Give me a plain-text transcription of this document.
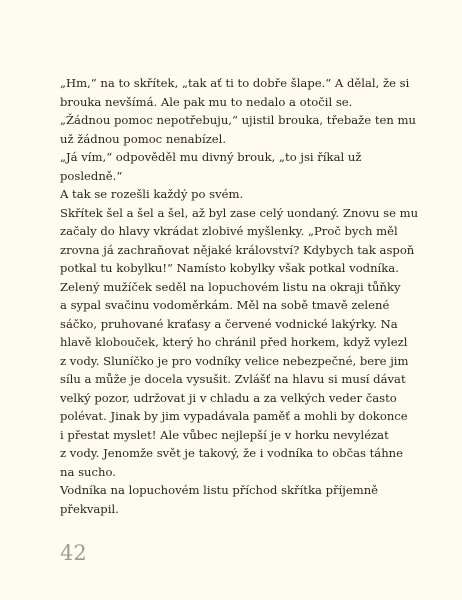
„Hm,“ na to skřítek, „tak ať ti to dobře šlape.“ A dělal, že si
brouka nevšímá. Ale pak mu to nedalo a otočil se.
„Žádnou pomoc nepotřebuju,“ ujistil brouka, třebaže ten mu
už žádnou pomoc nenabízel.
„Já vím,“ odpověděl mu divný brouk, „to jsi říkal už
posledně.“
A tak se rozešli každý po svém.
Skřítek šel a šel a šel, až byl zase celý uondaný. Znovu se mu
začaly do hlavy vkrádat zlobivé myšlenky. „Proč bych měl
zrovna já zachraňovat nějaké království? Kdybych tak aspoň
potkal tu kobylku!“ Namísto kobylky však potkal vodníka.
Zelený mužíček seděl na lopuchovém listu na okraji tůňky
a sypal svačinu vodoměrkám. Měl na sobě tmavě zelené
sáčko, pruhované kraťasy a červené vodnické lakýrky. Na
hlavě klobouček, který ho chránil před horkem, když vylezl
z vody. Sluníčko je pro vodníky velice nebezpečné, bere jim
sílu a může je docela vysušit. Zvlášť na hlavu si musí dávat
velký pozor, udržovat ji v chladu a za velkých veder často
polévat. Jinak by jim vypadávala paměť a mohli by dokonce
i přestat myslet! Ale vůbec nejlepší je v horku nevylézat
z vody. Jenomže svět je takový, že i vodníka to občas táhne
na sucho.
Vodníka na lopuchovém listu příchod skřítka příjemně
překvapil.
42
